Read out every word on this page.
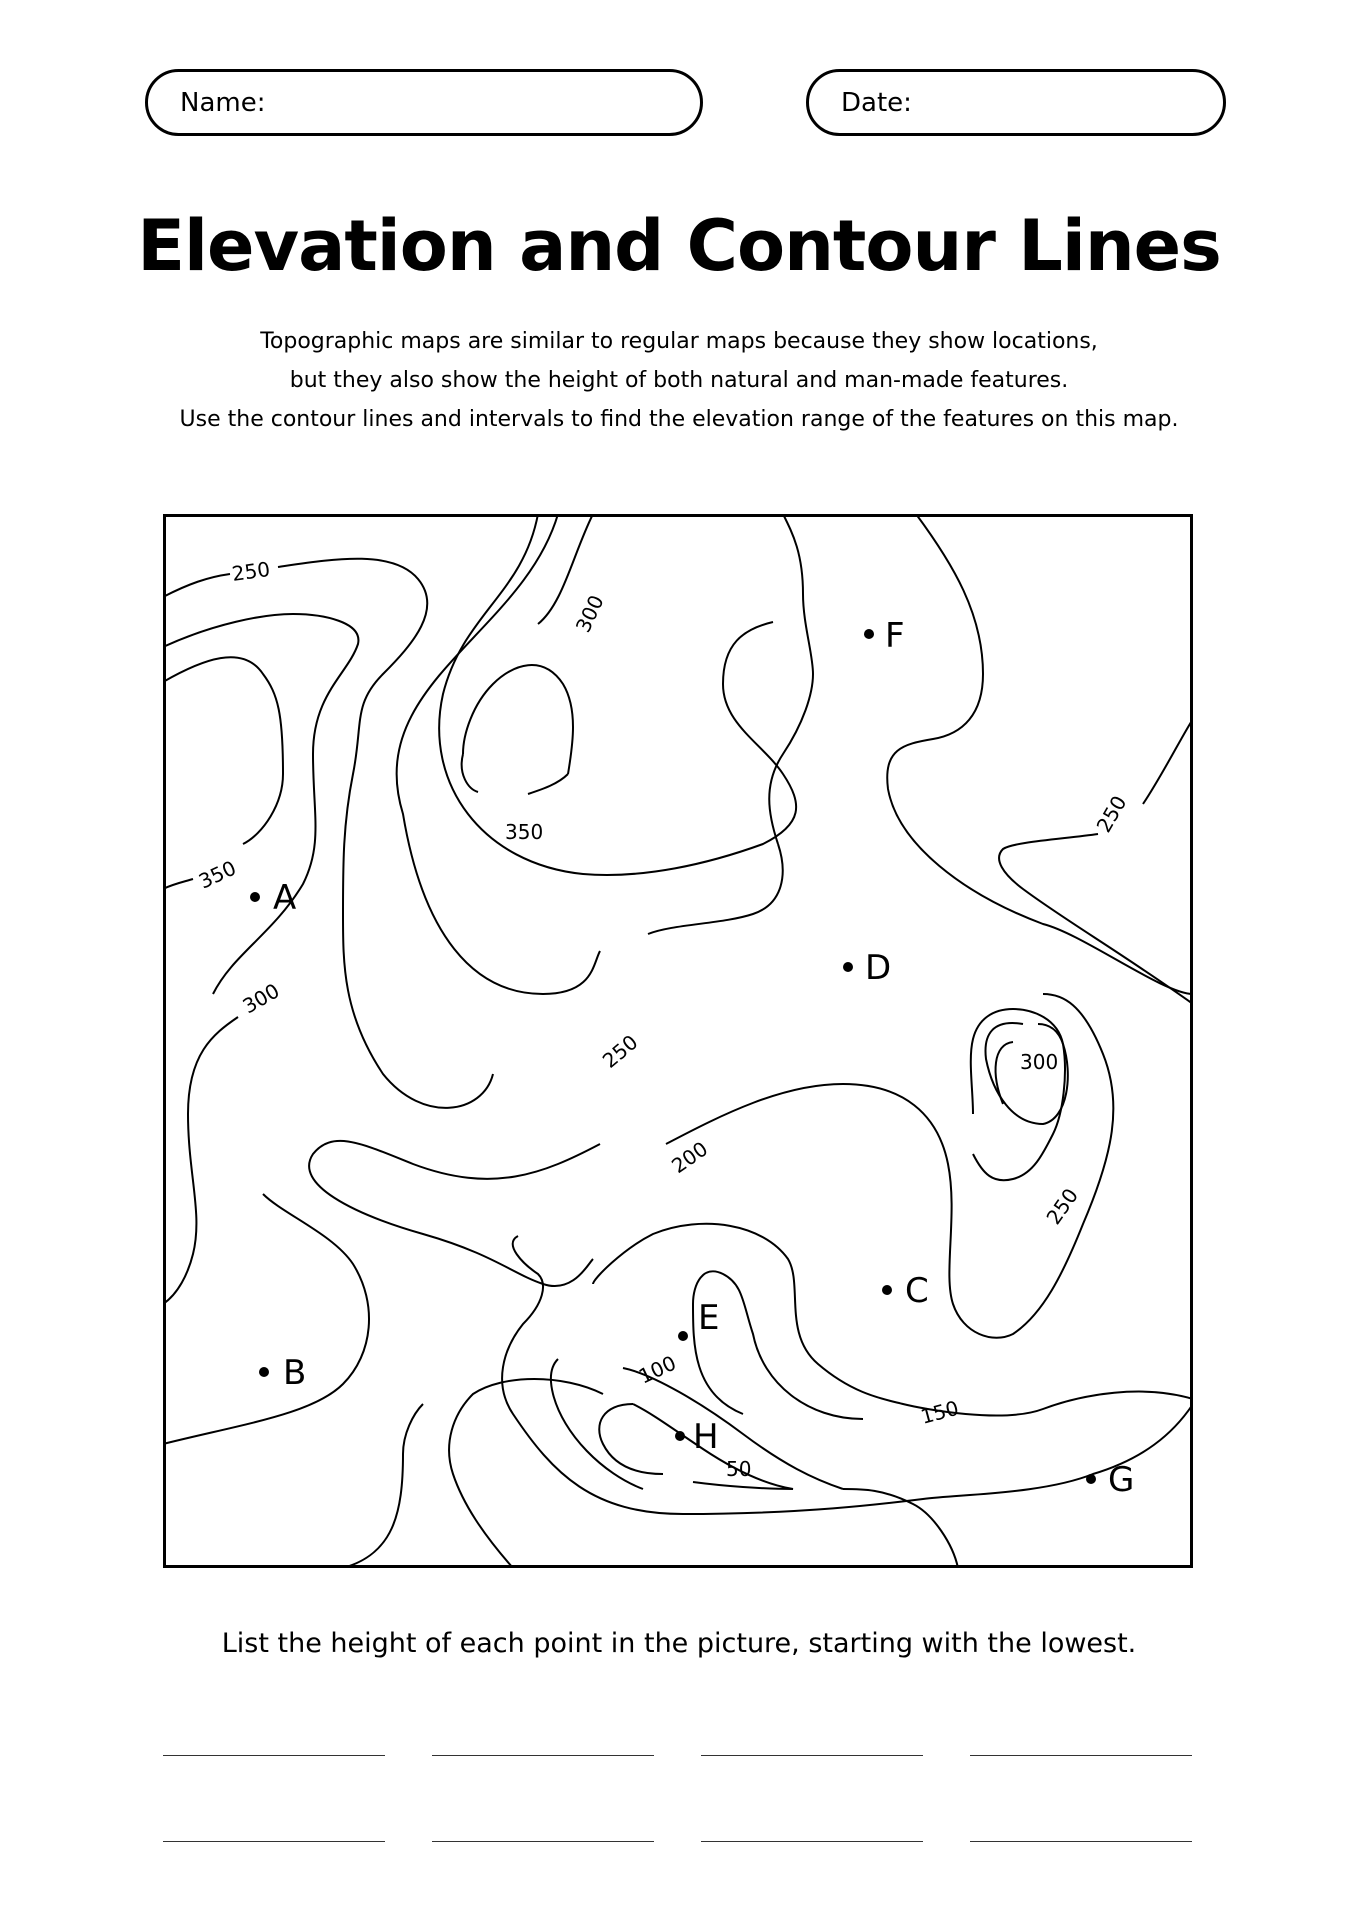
Name:	Date:
Elevation and Contour Lines
Topographic maps are similar to regular maps because they show locations,
but they also show the height of both natural and man-made features.
Use the contour lines and intervals to find the elevation range of the features on this map.
250
300
350
350
300
250
250
300
250
200
150
100
50
A
B
C
D
E
F
G
H
List the height of each point in the picture, starting with the lowest.
